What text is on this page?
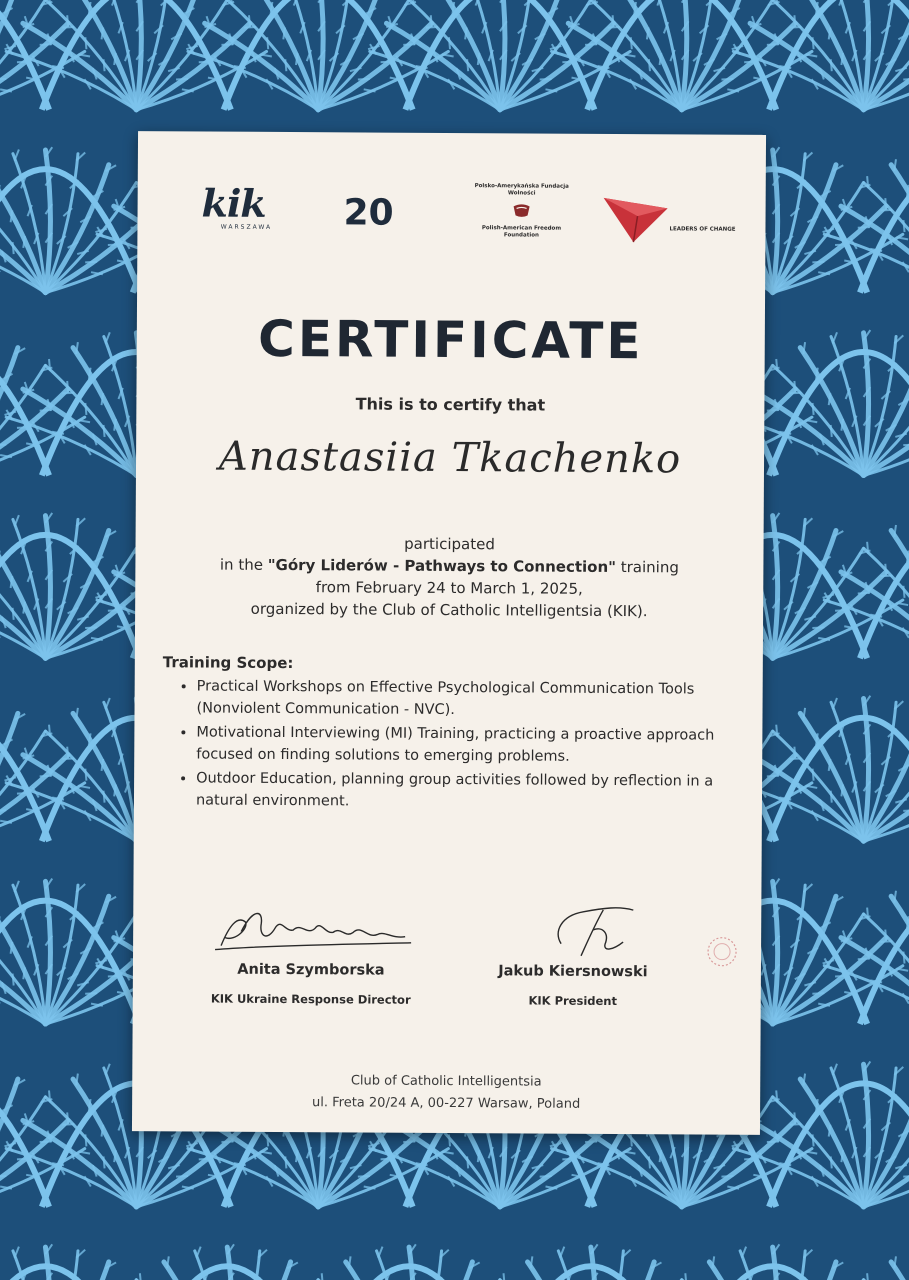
kik
WARSZAWA	20
Polsko-Amerykańska Fundacja Wolności
Polish-American Freedom Foundation
LEADERS OF CHANGE
CERTIFICATE
This is to certify that
Anastasiia Tkachenko
participated
in the "Góry Liderów - Pathways to Connection" training
from February 24 to March 1, 2025,
organized by the Club of Catholic Intelligentsia (KIK).
Training Scope:
• Practical Workshops on Effective Psychological Communication Tools (Nonviolent Communication - NVC).
• Motivational Interviewing (MI) Training, practicing a proactive approach focused on finding solutions to emerging problems.
• Outdoor Education, planning group activities followed by reflection in a natural environment.
Anita Szymborska
KIK Ukraine Response Director
Jakub Kiersnowski
KIK President
Club of Catholic Intelligentsia
ul. Freta 20/24 A, 00-227 Warsaw, Poland
